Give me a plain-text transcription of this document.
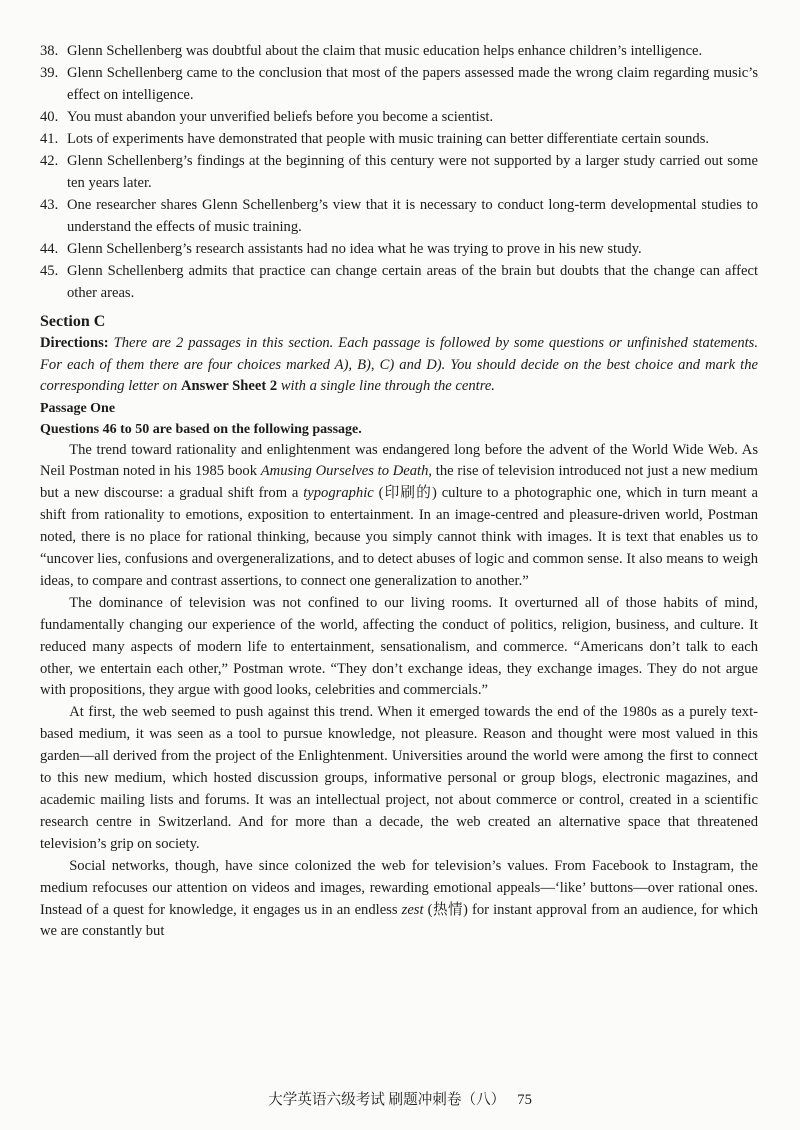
38. Glenn Schellenberg was doubtful about the claim that music education helps enhance children’s intelligence.
39. Glenn Schellenberg came to the conclusion that most of the papers assessed made the wrong claim regarding music’s effect on intelligence.
40. You must abandon your unverified beliefs before you become a scientist.
41. Lots of experiments have demonstrated that people with music training can better differentiate certain sounds.
42. Glenn Schellenberg’s findings at the beginning of this century were not supported by a larger study carried out some ten years later.
43. One researcher shares Glenn Schellenberg’s view that it is necessary to conduct long-term developmental studies to understand the effects of music training.
44. Glenn Schellenberg’s research assistants had no idea what he was trying to prove in his new study.
45. Glenn Schellenberg admits that practice can change certain areas of the brain but doubts that the change can affect other areas.
Section C
Directions: There are 2 passages in this section. Each passage is followed by some questions or unfinished statements. For each of them there are four choices marked A), B), C) and D). You should decide on the best choice and mark the corresponding letter on Answer Sheet 2 with a single line through the centre.
Passage One
Questions 46 to 50 are based on the following passage.

The trend toward rationality and enlightenment was endangered long before the advent of the World Wide Web. As Neil Postman noted in his 1985 book Amusing Ourselves to Death, the rise of television introduced not just a new medium but a new discourse: a gradual shift from a typographic (印刷的) culture to a photographic one, which in turn meant a shift from rationality to emotions, exposition to entertainment. In an image-centred and pleasure-driven world, Postman noted, there is no place for rational thinking, because you simply cannot think with images. It is text that enables us to “uncover lies, confusions and overgeneralizations, and to detect abuses of logic and common sense. It also means to weigh ideas, to compare and contrast assertions, to connect one generalization to another.”

The dominance of television was not confined to our living rooms. It overturned all of those habits of mind, fundamentally changing our experience of the world, affecting the conduct of politics, religion, business, and culture. It reduced many aspects of modern life to entertainment, sensationalism, and commerce. “Americans don’t talk to each other, we entertain each other,” Postman wrote. “They don’t exchange ideas, they exchange images. They do not argue with propositions, they argue with good looks, celebrities and commercials.”

At first, the web seemed to push against this trend. When it emerged towards the end of the 1980s as a purely text-based medium, it was seen as a tool to pursue knowledge, not pleasure. Reason and thought were most valued in this garden—all derived from the project of the Enlightenment. Universities around the world were among the first to connect to this new medium, which hosted discussion groups, informative personal or group blogs, electronic magazines, and academic mailing lists and forums. It was an intellectual project, not about commerce or control, created in a scientific research centre in Switzerland. And for more than a decade, the web created an alternative space that threatened television’s grip on society.

Social networks, though, have since colonized the web for television’s values. From Facebook to Instagram, the medium refocuses our attention on videos and images, rewarding emotional appeals—‘like’ buttons—over rational ones. Instead of a quest for knowledge, it engages us in an endless zest (热情) for instant approval from an audience, for which we are constantly but

大学英语六级考试 刷题冲刺卷（八） 75
